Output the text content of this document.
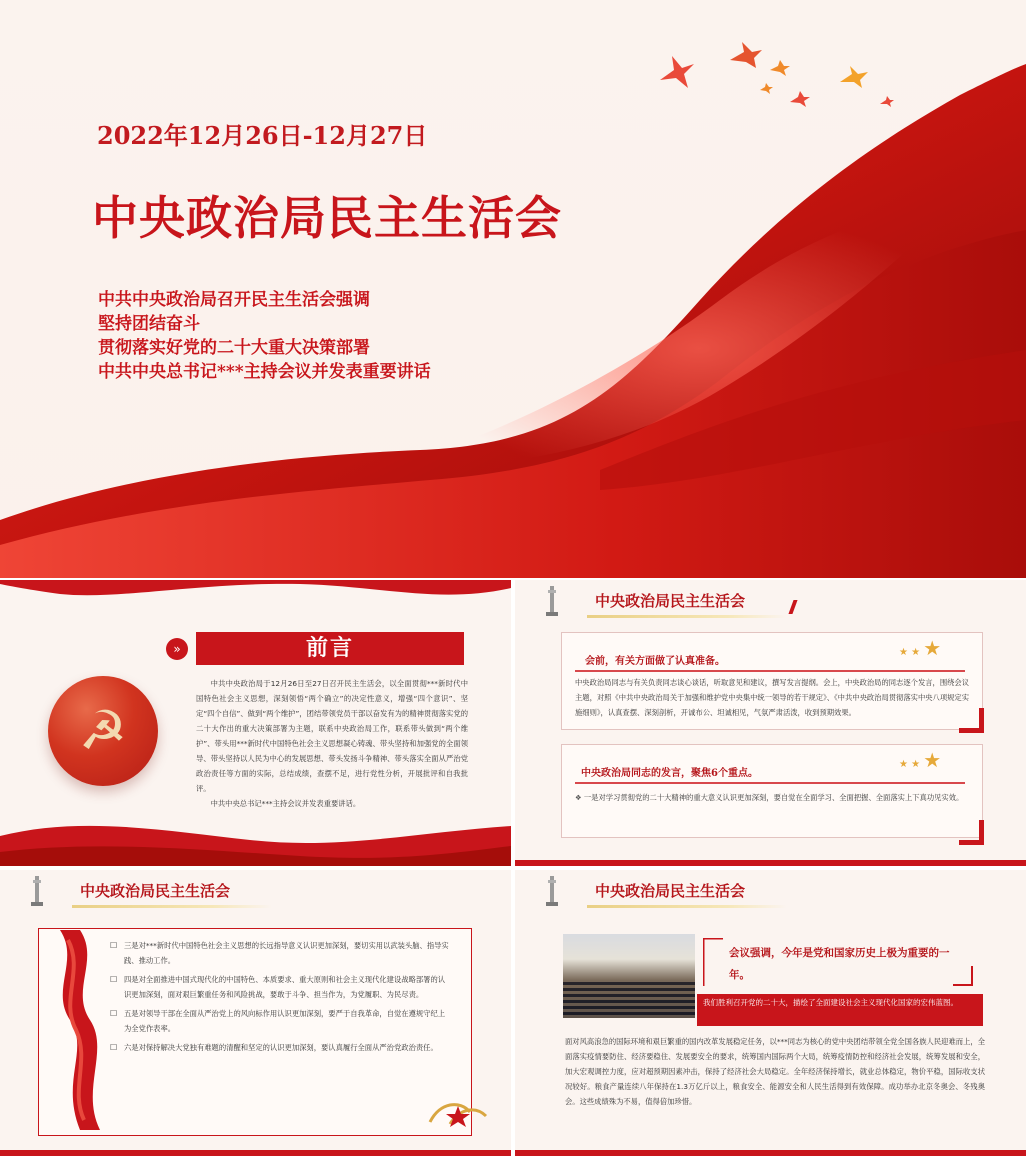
2022年12月26日-12月27日
中央政治局民主生活会
中共中央政治局召开民主生活会强调
堅持团结奋斗
贯彻落实好党的二十大重大决策部署
中共中央总书记***主持会议并发表重要讲话
»	前言
☭

中共中央政治局于12月26日至27日召开民主生活会，以全面贯彻***新时代中国特色社会主义思想，深刻领悟“两个确立”的决定性意义，增强“四个意识”、坚定“四个自信”、做到“两个维护”，团结带领党员干部以奋发有为的精神贯彻落实党的二十大作出的重大决策部署为主题，联系中央政治局工作，联系带头做到“两个维护”、带头用***新时代中国特色社会主义思想凝心铸魂、带头坚持和加强党的全面领导、带头坚持以人民为中心的发展思想、带头发扬斗争精神、带头落实全面从严治党政治责任等方面的实际，总结成绩，查摆不足，进行党性分析，开展批评和自我批评。

中共中央总书记***主持会议并发表重要讲话。

中央政治局民主生活会
会前，有关方面做了认真准备。
★ ★ ★
中央政治局同志与有关负责同志谈心谈话，听取意见和建议，撰写发言提纲。会上，中央政治局的同志逐个发言，围绕会议主题，对照《中共中央政治局关于加强和维护党中央集中统一领导的若干规定》、《中共中央政治局贯彻落实中央八项规定实施细则》，认真查摆、深刻剖析，开诚布公、坦诚相见，气氛严肃活泼，收到预期效果。
中央政治局同志的发言，聚焦6个重点。
★ ★ ★
❖ 一是对学习贯彻党的二十大精神的重大意义认识更加深刻，要自觉在全面学习、全面把握、全面落实上下真功见实效。
中央政治局民主生活会
☐ 三是对***新时代中国特色社会主义思想的长远指导意义认识更加深刻，要切实用以武装头脑、指导实践、推动工作。
☐ 四是对全面推进中国式现代化的中国特色、本质要求、重大原则和社会主义现代化建设战略部署的认识更加深刻，面对艰巨繁重任务和风险挑战，要敢于斗争、担当作为，为党履职、为民尽责。
☐ 五是对领导干部在全面从严治党上的风向标作用认识更加深刻，要严于自我革命，自觉在遵规守纪上为全党作表率。
☐ 六是对保持解决大党独有难题的清醒和坚定的认识更加深刻，要认真履行全面从严治党政治责任。
中央政治局民主生活会
会议强调，今年是党和国家历史上极为重要的一年。
我们胜利召开党的二十大，描绘了全面建设社会主义现代化国家的宏伟蓝图。
面对风高浪急的国际环境和艰巨繁重的国内改革发展稳定任务，以***同志为核心的党中央团结带领全党全国各族人民迎难而上，全面落实疫情要防住、经济要稳住、发展要安全的要求，统筹国内国际两个大局，统筹疫情防控和经济社会发展，统筹发展和安全，加大宏观调控力度，应对超预期因素冲击，保持了经济社会大局稳定。全年经济保持增长，就业总体稳定，物价平稳，国际收支状况较好。粮食产量连续八年保持在1.3万亿斤以上，粮食安全、能源安全和人民生活得到有效保障。成功举办北京冬奥会、冬残奥会。这些成绩殊为不易，值得倍加珍惜。
